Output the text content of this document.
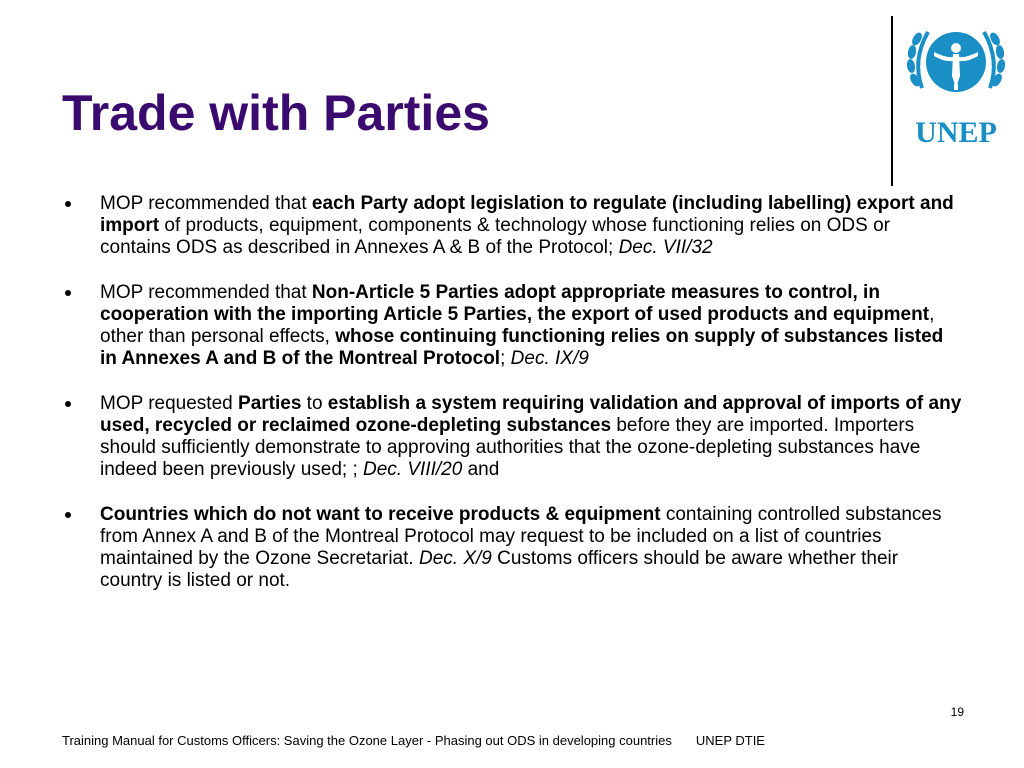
Trade with Parties	UNEP
MOP recommended that each Party adopt legislation to regulate (including labelling) export and import of products, equipment, components & technology whose functioning relies on ODS or contains ODS as described in Annexes A & B of the Protocol; Dec. VII/32
MOP recommended that Non-Article 5 Parties adopt appropriate measures to control, in cooperation with the importing Article 5 Parties, the export of used products and equipment, other than personal effects, whose continuing functioning relies on supply of substances listed in Annexes A and B of the Montreal Protocol; Dec. IX/9
MOP requested Parties to establish a system requiring validation and approval of imports of any used, recycled or reclaimed ozone-depleting substances before they are imported. Importers should sufficiently demonstrate to approving authorities that the ozone-depleting substances have indeed been previously used; ; Dec. VIII/20 and
Countries which do not want to receive products & equipment containing controlled substances from Annex A and B of the Montreal Protocol may request to be included on a list of countries maintained by the Ozone Secretariat. Dec. X/9 Customs officers should be aware whether their country is listed or not.
19
Training Manual for Customs Officers: Saving the Ozone Layer - Phasing out ODS in developing countries UNEP DTIE
